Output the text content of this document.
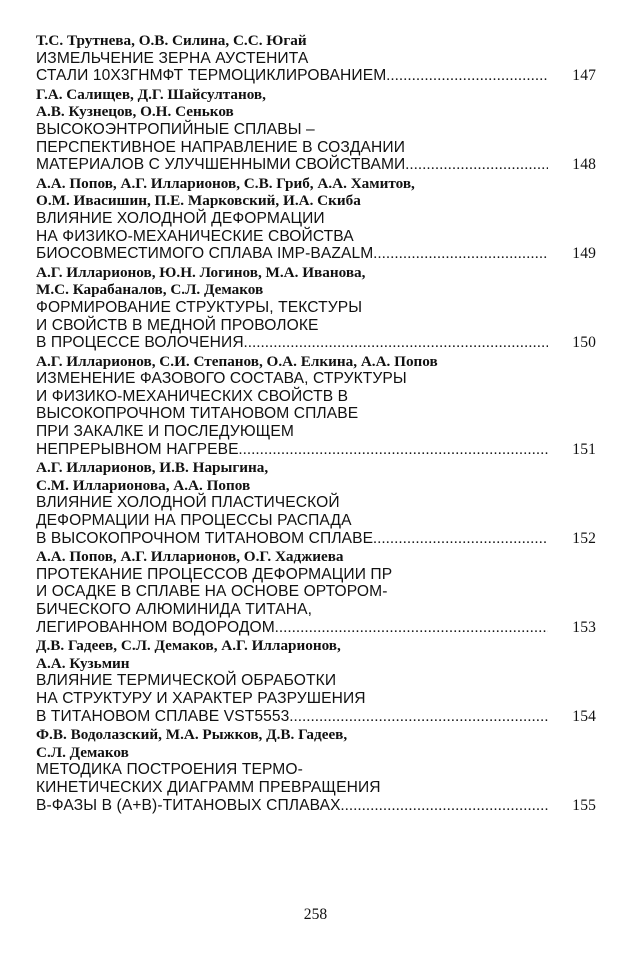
Т.С. Трутнева, О.В. Силина, С.С. Югай
ИЗМЕЛЬЧЕНИЕ ЗЕРНА АУСТЕНИТА
СТАЛИ 10Х3ГНМФТ ТЕРМОЦИКЛИРОВАНИЕМ .....	147
Г.А. Салищев, Д.Г. Шайсултанов,
А.В. Кузнецов, О.Н. Сеньков
ВЫСОКОЭНТРОПИЙНЫЕ СПЛАВЫ –
ПЕРСПЕКТИВНОЕ НАПРАВЛЕНИЕ В СОЗДАНИИ
МАТЕРИАЛОВ С УЛУЧШЕННЫМИ СВОЙСТВАМИ .....	148
А.А. Попов, А.Г. Илларионов, С.В. Гриб, А.А. Хамитов,
О.М. Ивасишин, П.Е. Марковский, И.А. Скиба
ВЛИЯНИЕ ХОЛОДНОЙ ДЕФОРМАЦИИ
НА ФИЗИКО-МЕХАНИЧЕСКИЕ СВОЙСТВА
БИОСОВМЕСТИМОГО СПЛАВА IMP-BAZALM .....	149
А.Г. Илларионов, Ю.Н. Логинов, М.А. Иванова,
М.С. Карабаналов, С.Л. Демаков
ФОРМИРОВАНИЕ СТРУКТУРЫ, ТЕКСТУРЫ
И СВОЙСТВ В МЕДНОЙ ПРОВОЛОКЕ
В ПРОЦЕССЕ ВОЛОЧЕНИЯ .....	150
А.Г. Илларионов, С.И. Степанов, О.А. Елкина, А.А. Попов
ИЗМЕНЕНИЕ ФАЗОВОГО СОСТАВА, СТРУКТУРЫ
И ФИЗИКО-МЕХАНИЧЕСКИХ СВОЙСТВ В
ВЫСОКОПРОЧНОМ ТИТАНОВОМ СПЛАВЕ
ПРИ ЗАКАЛКЕ И ПОСЛЕДУЮЩЕМ
НЕПРЕРЫВНОМ НАГРЕВЕ .....	151
А.Г. Илларионов, И.В. Нарыгина,
С.М. Илларионова, А.А. Попов
ВЛИЯНИЕ ХОЛОДНОЙ ПЛАСТИЧЕСКОЙ
ДЕФОРМАЦИИ НА ПРОЦЕССЫ РАСПАДА
В ВЫСОКОПРОЧНОМ ТИТАНОВОМ СПЛАВЕ .....	152
А.А. Попов, А.Г. Илларионов, О.Г. Хаджиева
ПРОТЕКАНИЕ ПРОЦЕССОВ ДЕФОРМАЦИИ ПР
И ОСАДКЕ В СПЛАВЕ НА ОСНОВЕ ОРТОРОМ-
БИЧЕСКОГО АЛЮМИНИДА ТИТАНА,
ЛЕГИРОВАННОМ ВОДОРОДОМ .....	153
Д.В. Гадеев, С.Л. Демаков, А.Г. Илларионов,
А.А. Кузьмин
ВЛИЯНИЕ ТЕРМИЧЕСКОЙ ОБРАБОТКИ
НА СТРУКТУРУ И ХАРАКТЕР РАЗРУШЕНИЯ
В ТИТАНОВОМ СПЛАВЕ VST5553 .....	154
Ф.В. Водолазский, М.А. Рыжков, Д.В. Гадеев,
С.Л. Демаков
МЕТОДИКА ПОСТРОЕНИЯ ТЕРМО-
КИНЕТИЧЕСКИХ ДИАГРАММ ПРЕВРАЩЕНИЯ
Β-ФАЗЫ В (Α+Β)-ТИТАНОВЫХ СПЛАВАХ .....	155
258
